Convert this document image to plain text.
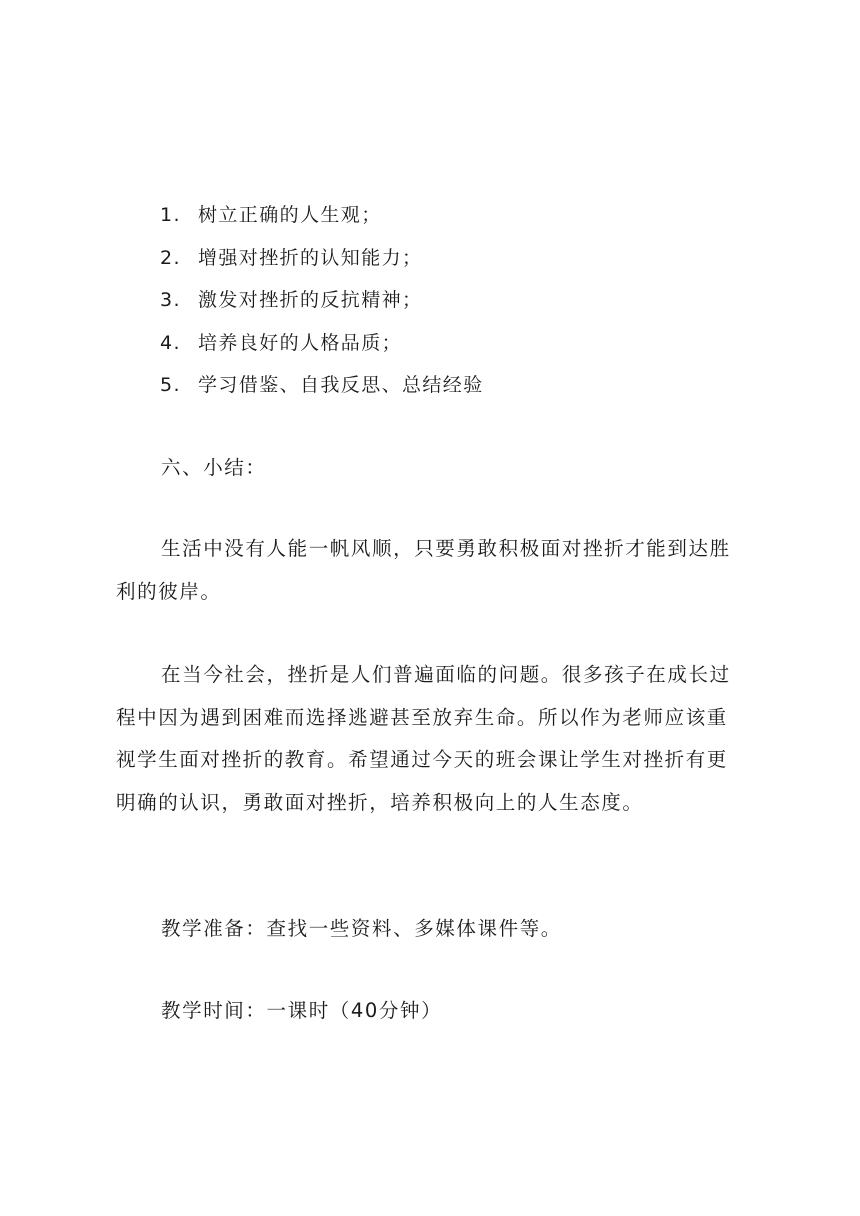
1. 树立正确的人生观；
2. 增强对挫折的认知能力；
3. 激发对挫折的反抗精神；
4. 培养良好的人格品质；
5. 学习借鉴、自我反思、总结经验

六、小结：

生活中没有人能一帆风顺，只要勇敢积极面对挫折才能到达胜利的彼岸。

在当今社会，挫折是人们普遍面临的问题。很多孩子在成长过程中因为遇到困难而选择逃避甚至放弃生命。所以作为老师应该重视学生面对挫折的教育。希望通过今天的班会课让学生对挫折有更明确的认识，勇敢面对挫折，培养积极向上的人生态度。

教学准备：查找一些资料、多媒体课件等。

教学时间：一课时（40分钟）
